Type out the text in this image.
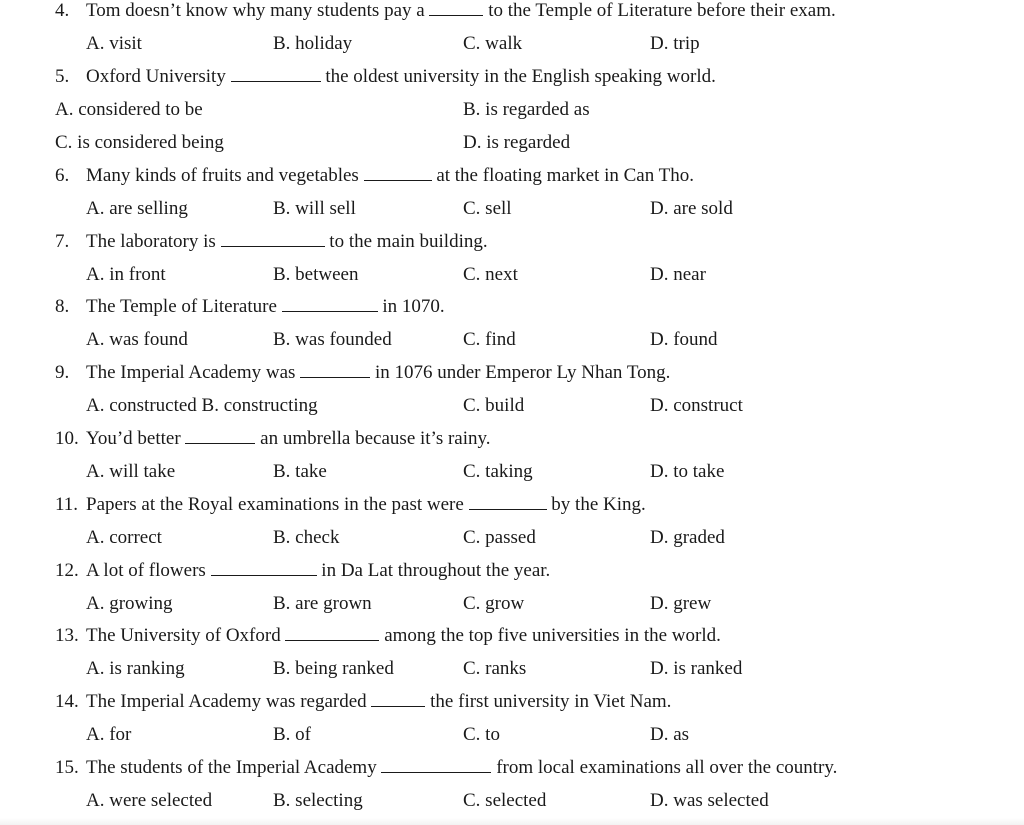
4. Tom doesn’t know why many students pay a	to the Temple of Literature before their exam.
A. visit	B. holiday	C. walk	D. trip
5. Oxford University	the oldest university in the English speaking world.
A. considered to be	B. is regarded as
C. is considered being	D. is regarded
6. Many kinds of fruits and vegetables	at the floating market in Can Tho.
A. are selling	B. will sell	C. sell	D. are sold
7. The laboratory is	to the main building.
A. in front	B. between	C. next	D. near
8. The Temple of Literature	in 1070.
A. was found	B. was founded	C. find	D. found
9. The Imperial Academy was	in 1076 under Emperor Ly Nhan Tong.
A. constructed B. constructing	C. build	D. construct
10. You’d better	an umbrella because it’s rainy.
A. will take	B. take	C. taking	D. to take
11. Papers at the Royal examinations in the past were	by the King.
A. correct	B. check	C. passed	D. graded
12. A lot of flowers	in Da Lat throughout the year.
A. growing	B. are grown	C. grow	D. grew
13. The University of Oxford	among the top five universities in the world.
A. is ranking	B. being ranked	C. ranks	D. is ranked
14. The Imperial Academy was regarded	the first university in Viet Nam.
A. for	B. of	C. to	D. as
15. The students of the Imperial Academy	from local examinations all over the country.
A. were selected	B. selecting	C. selected	D. was selected
